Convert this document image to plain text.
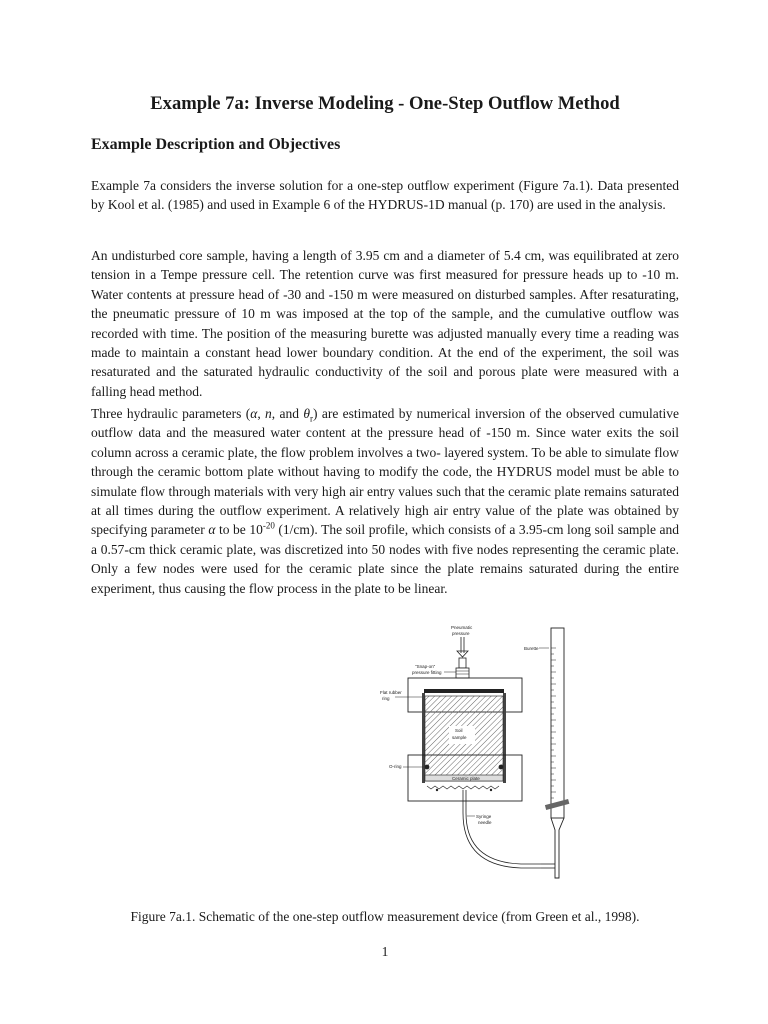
Example 7a: Inverse Modeling - One-Step Outflow Method
Example Description and Objectives

Example 7a considers the inverse solution for a one-step outflow experiment (Figure 7a.1). Data presented by Kool et al. (1985) and used in Example 6 of the HYDRUS-1D manual (p. 170) are used in the analysis.

An undisturbed core sample, having a length of 3.95 cm and a diameter of 5.4 cm, was equilibrated at zero tension in a Tempe pressure cell. The retention curve was first measured for pressure heads up to -10 m. Water contents at pressure head of -30 and -150 m were measured on disturbed samples. After resaturating, the pneumatic pressure of 10 m was imposed at the top of the sample, and the cumulative outflow was recorded with time. The position of the measuring burette was adjusted manually every time a reading was made to maintain a constant head lower boundary condition. At the end of the experiment, the soil was resaturated and the saturated hydraulic conductivity of the soil and porous plate were measured with a falling head method.

Three hydraulic parameters (α, n, and $\theta_r$) are estimated by numerical inversion of the observed cumulative outflow data and the measured water content at the pressure head of -150 m. Since water exits the soil column across a ceramic plate, the flow problem involves a two- layered system. To be able to simulate flow through the ceramic bottom plate without having to modify the code, the HYDRUS model must be able to simulate flow through materials with very high air entry values such that the ceramic plate remains saturated at all times during the outflow experiment. A relatively high air entry value of the plate was obtained by specifying parameter α to be $10^{-20}$ (1/cm). The soil profile, which consists of a 3.95-cm long soil sample and a 0.57-cm thick ceramic plate, was discretized into 50 nodes with five nodes representing the ceramic plate. Only a few nodes were used for the ceramic plate since the plate remains saturated during the entire experiment, thus causing the flow process in the plate to be linear.

Pneumatic
pressure
Burette
"Snap-on"
pressure fitting
Flat rubber
ring
Soil
sample
O-ring
Ceramic plate
Syringe
needle

Figure 7a.1. Schematic of the one-step outflow measurement device (from Green et al., 1998).

1
